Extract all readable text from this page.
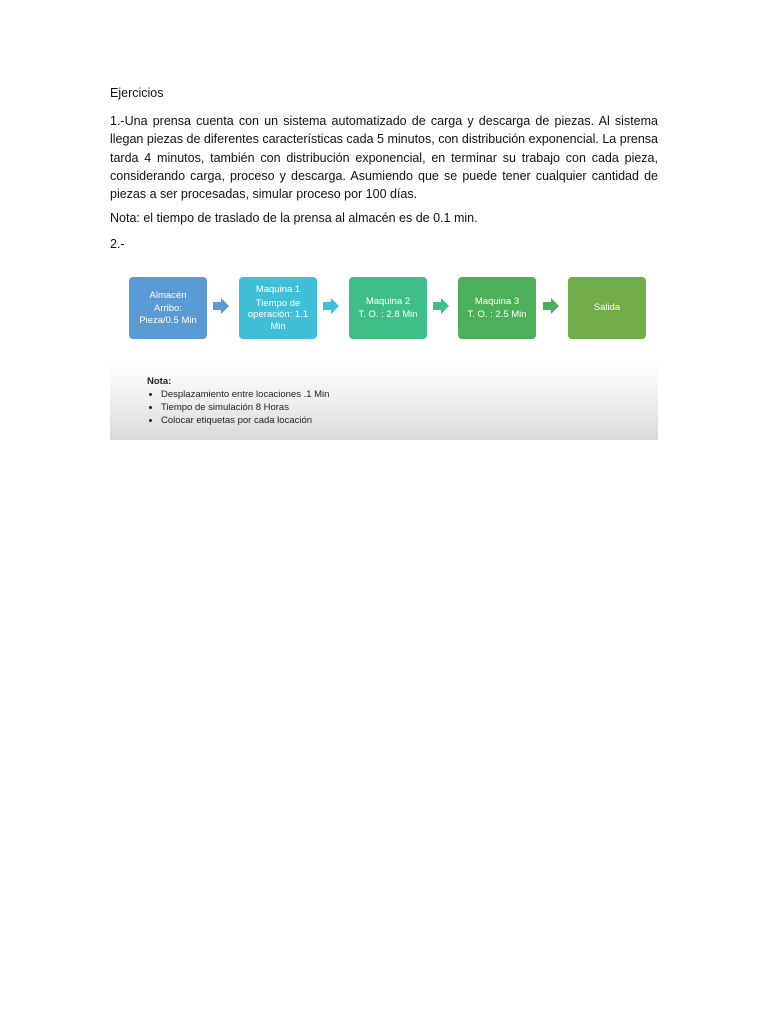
Ejercicios

1.-Una prensa cuenta con un sistema automatizado de carga y descarga de piezas. Al sistema llegan piezas de diferentes características cada 5 minutos, con distribución exponencial. La prensa tarda 4 minutos, también con distribución exponencial, en terminar su trabajo con cada pieza, considerando carga, proceso y descarga. Asumiendo que se puede tener cualquier cantidad de piezas a ser procesadas, simular proceso por 100 días.

Nota: el tiempo de traslado de la prensa al almacén es de 0.1 min.

2.-

Almacén
Arribo:
Pieza/0.5 Min
Maquina 1
Tiempo de
operación: 1.1
Min
Maquina 2
T. O. : 2.8 Min
Maquina 3
T. O. : 2.5 Min
Salida
Nota:
• Desplazamiento entre locaciones .1 Min
• Tiempo de simulación 8 Horas
• Colocar etiquetas por cada locación
